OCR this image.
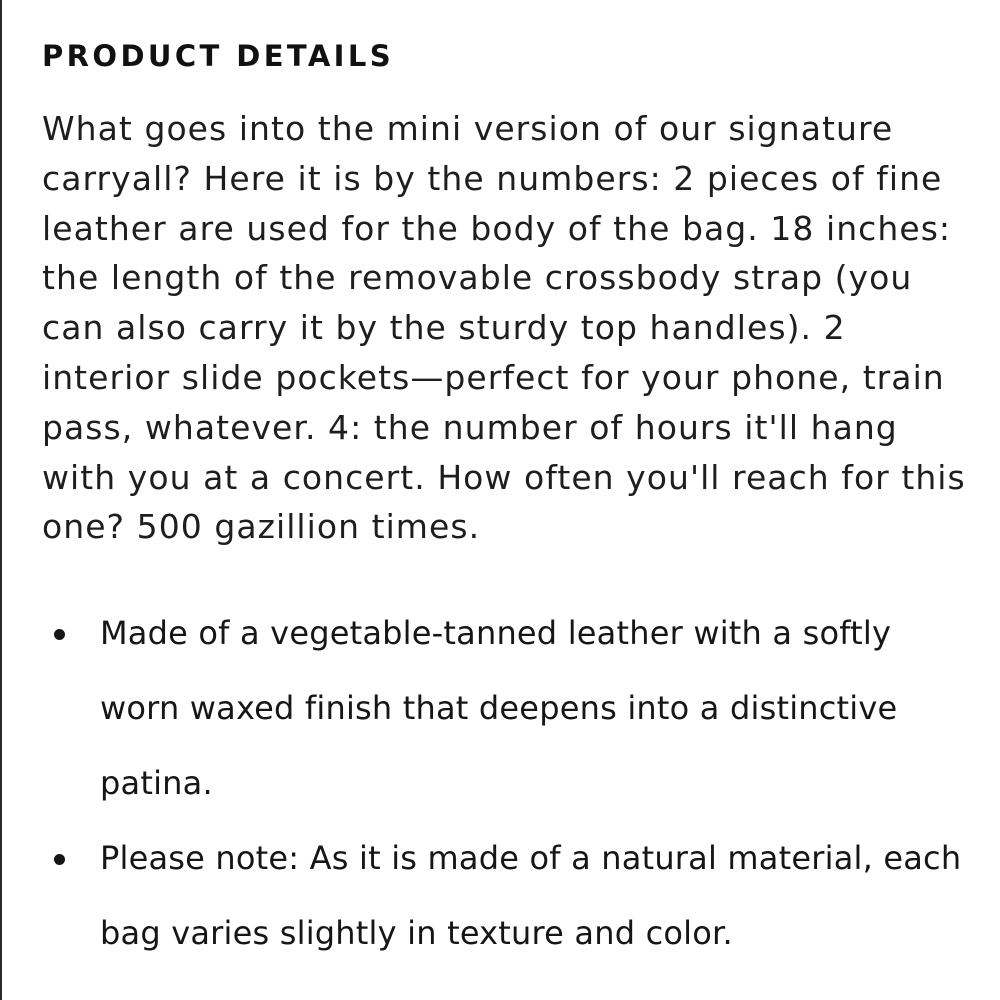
PRODUCT DETAILS

What goes into the mini version of our signature carryall? Here it is by the numbers: 2 pieces of fine leather are used for the body of the bag. 18 inches: the length of the removable crossbody strap (you can also carry it by the sturdy top handles). 2 interior slide pockets—perfect for your phone, train pass, whatever. 4: the number of hours it'll hang with you at a concert. How often you'll reach for this one? 500 gazillion times.

Made of a vegetable-tanned leather with a softly worn waxed finish that deepens into a distinctive patina.
Please note: As it is made of a natural material, each bag varies slightly in texture and color.
